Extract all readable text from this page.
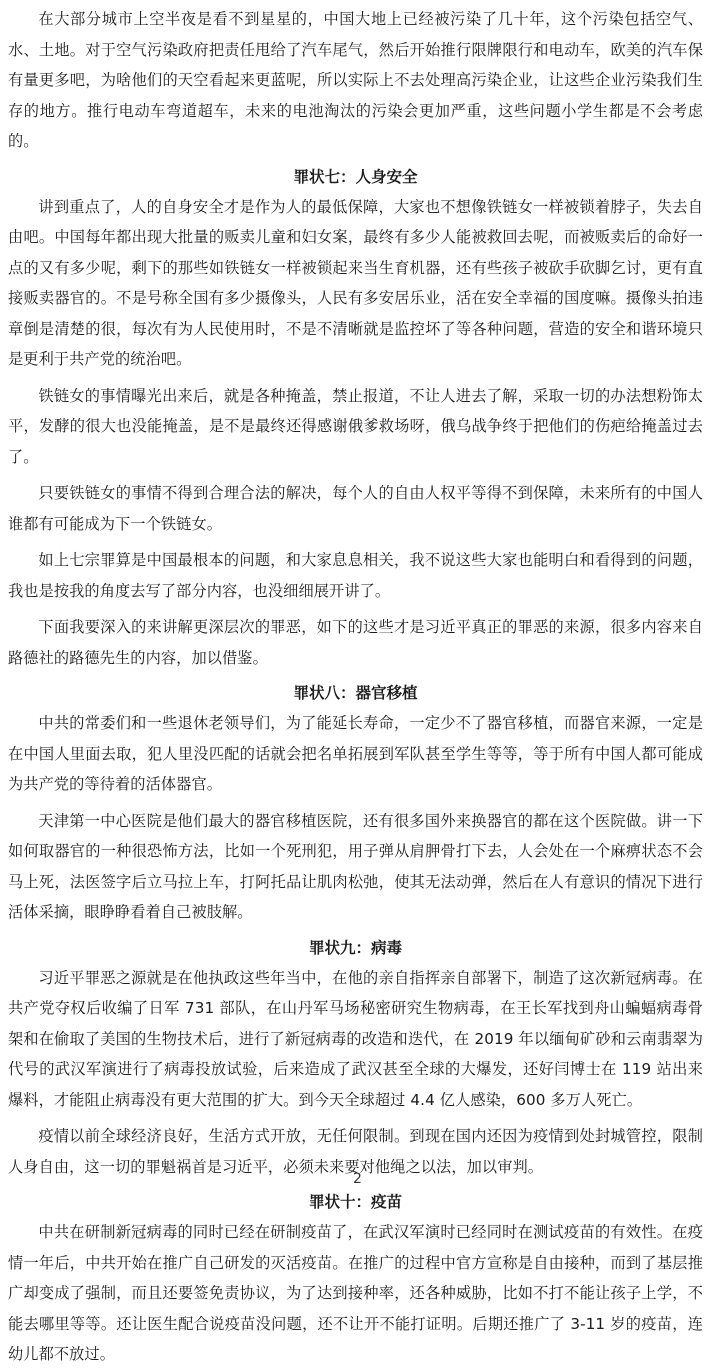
在大部分城市上空半夜是看不到星星的，中国大地上已经被污染了几十年，这个污染包括空气、水、土地。对于空气污染政府把责任甩给了汽车尾气，然后开始推行限牌限行和电动车，欧美的汽车保有量更多吧，为啥他们的天空看起来更蓝呢，所以实际上不去处理高污染企业，让这些企业污染我们生存的地方。推行电动车弯道超车，未来的电池淘汰的污染会更加严重，这些问题小学生都是不会考虑的。

罪状七：人身安全

讲到重点了，人的自身安全才是作为人的最低保障，大家也不想像铁链女一样被锁着脖子，失去自由吧。中国每年都出现大批量的贩卖儿童和妇女案，最终有多少人能被救回去呢，而被贩卖后的命好一点的又有多少呢，剩下的那些如铁链女一样被锁起来当生育机器，还有些孩子被砍手砍脚乞讨，更有直接贩卖器官的。不是号称全国有多少摄像头，人民有多安居乐业，活在安全幸福的国度嘛。摄像头拍违章倒是清楚的很，每次有为人民使用时，不是不清晰就是监控坏了等各种问题，营造的安全和谐环境只是更利于共产党的统治吧。

铁链女的事情曝光出来后，就是各种掩盖，禁止报道，不让人进去了解，采取一切的办法想粉饰太平，发酵的很大也没能掩盖，是不是最终还得感谢俄爹救场呀，俄乌战争终于把他们的伤疤给掩盖过去了。

只要铁链女的事情不得到合理合法的解决，每个人的自由人权平等得不到保障，未来所有的中国人谁都有可能成为下一个铁链女。

如上七宗罪算是中国最根本的问题，和大家息息相关，我不说这些大家也能明白和看得到的问题，我也是按我的角度去写了部分内容，也没细细展开讲了。

下面我要深入的来讲解更深层次的罪恶，如下的这些才是习近平真正的罪恶的来源，很多内容来自路德社的路德先生的内容，加以借鉴。

罪状八：器官移植

中共的常委们和一些退休老领导们，为了能延长寿命，一定少不了器官移植，而器官来源，一定是在中国人里面去取，犯人里没匹配的话就会把名单拓展到军队甚至学生等等，等于所有中国人都可能成为共产党的等待着的活体器官。

天津第一中心医院是他们最大的器官移植医院，还有很多国外来换器官的都在这个医院做。讲一下如何取器官的一种很恐怖方法，比如一个死刑犯，用子弹从肩胛骨打下去，人会处在一个麻痹状态不会马上死，法医签字后立马拉上车，打阿托品让肌肉松弛，使其无法动弹，然后在人有意识的情况下进行活体采摘，眼睁睁看着自己被肢解。

罪状九：病毒

习近平罪恶之源就是在他执政这些年当中，在他的亲自指挥亲自部署下，制造了这次新冠病毒。在共产党夺权后收编了日军 731 部队，在山丹军马场秘密研究生物病毒，在王长军找到舟山蝙蝠病毒骨架和在偷取了美国的生物技术后，进行了新冠病毒的改造和迭代，在 2019 年以缅甸矿砂和云南翡翠为代号的武汉军演进行了病毒投放试验，后来造成了武汉甚至全球的大爆发，还好闫博士在 119 站出来爆料，才能阻止病毒没有更大范围的扩大。到今天全球超过 4.4 亿人感染，600 多万人死亡。

疫情以前全球经济良好，生活方式开放，无任何限制。到现在国内还因为疫情到处封城管控，限制人身自由，这一切的罪魁祸首是习近平，必须未来要对他绳之以法，加以审判。

罪状十：疫苗

中共在研制新冠病毒的同时已经在研制疫苗了，在武汉军演时已经同时在测试疫苗的有效性。在疫情一年后，中共开始在推广自己研发的灭活疫苗。在推广的过程中官方宣称是自由接种，而到了基层推广却变成了强制，而且还要签免责协议，为了达到接种率，还各种威胁，比如不打不能让孩子上学，不能去哪里等等。还让医生配合说疫苗没问题，还不让开不能打证明。后期还推广了 3-11 岁的疫苗，连幼儿都不放过。

2
